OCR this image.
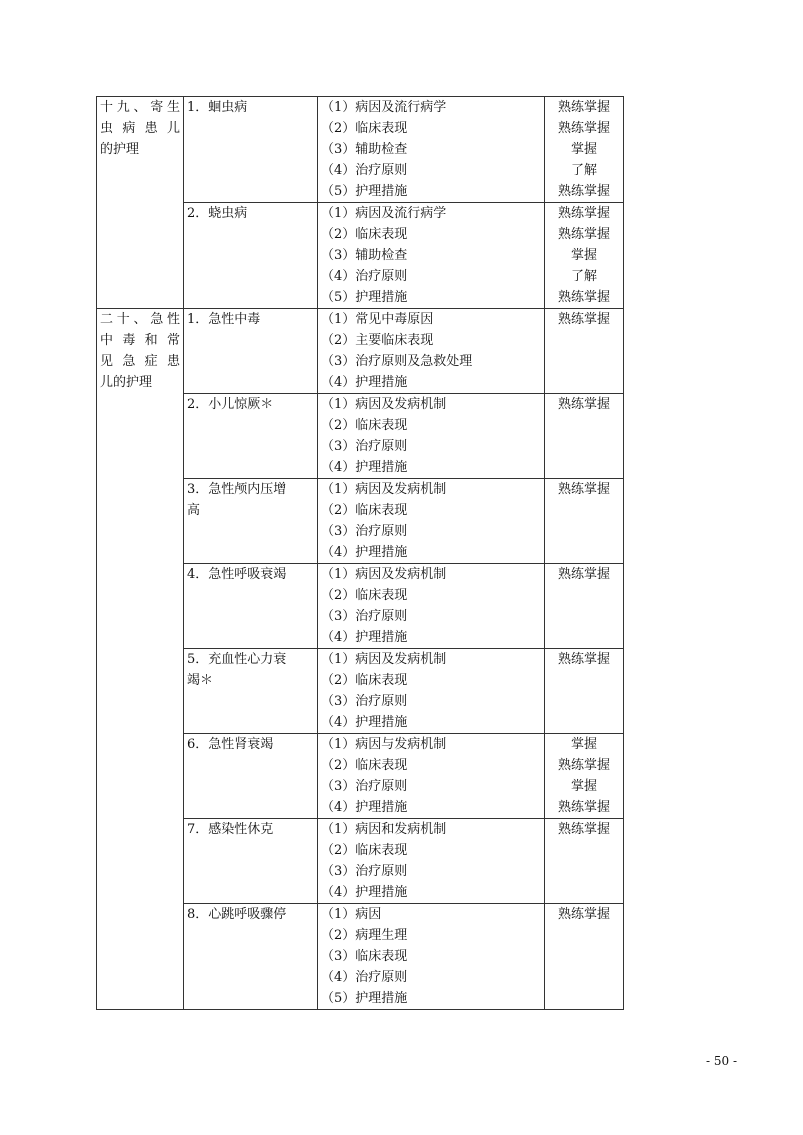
十九、寄生
虫病患儿
的护理	1．蛔虫病	（1）病因及流行病学
（2）临床表现
（3）辅助检查
（4）治疗原则
（5）护理措施	熟练掌握
熟练掌握
掌握
了解
熟练掌握

	2．蛲虫病	（1）病因及流行病学
（2）临床表现
（3）辅助检查
（4）治疗原则
（5）护理措施	熟练掌握
熟练掌握
掌握
了解
熟练掌握

二十、急性
中毒和常
见急症患
儿的护理	1．急性中毒	（1）常见中毒原因
（2）主要临床表现
（3）治疗原则及急救处理
（4）护理措施	熟练掌握

	2．小儿惊厥＊	（1）病因及发病机制
（2）临床表现
（3）治疗原则
（4）护理措施	熟练掌握

	3．急性颅内压增
高	（1）病因及发病机制
（2）临床表现
（3）治疗原则
（4）护理措施	熟练掌握

	4．急性呼吸衰竭	（1）病因及发病机制
（2）临床表现
（3）治疗原则
（4）护理措施	熟练掌握

	5．充血性心力衰
竭＊	（1）病因及发病机制
（2）临床表现
（3）治疗原则
（4）护理措施	熟练掌握

	6．急性肾衰竭	（1）病因与发病机制
（2）临床表现
（3）治疗原则
（4）护理措施	掌握
熟练掌握
掌握
熟练掌握

	7．感染性休克	（1）病因和发病机制
（2）临床表现
（3）治疗原则
（4）护理措施	熟练掌握

	8．心跳呼吸骤停	（1）病因
（2）病理生理
（3）临床表现
（4）治疗原则
（5）护理措施	熟练掌握
- 50 -
